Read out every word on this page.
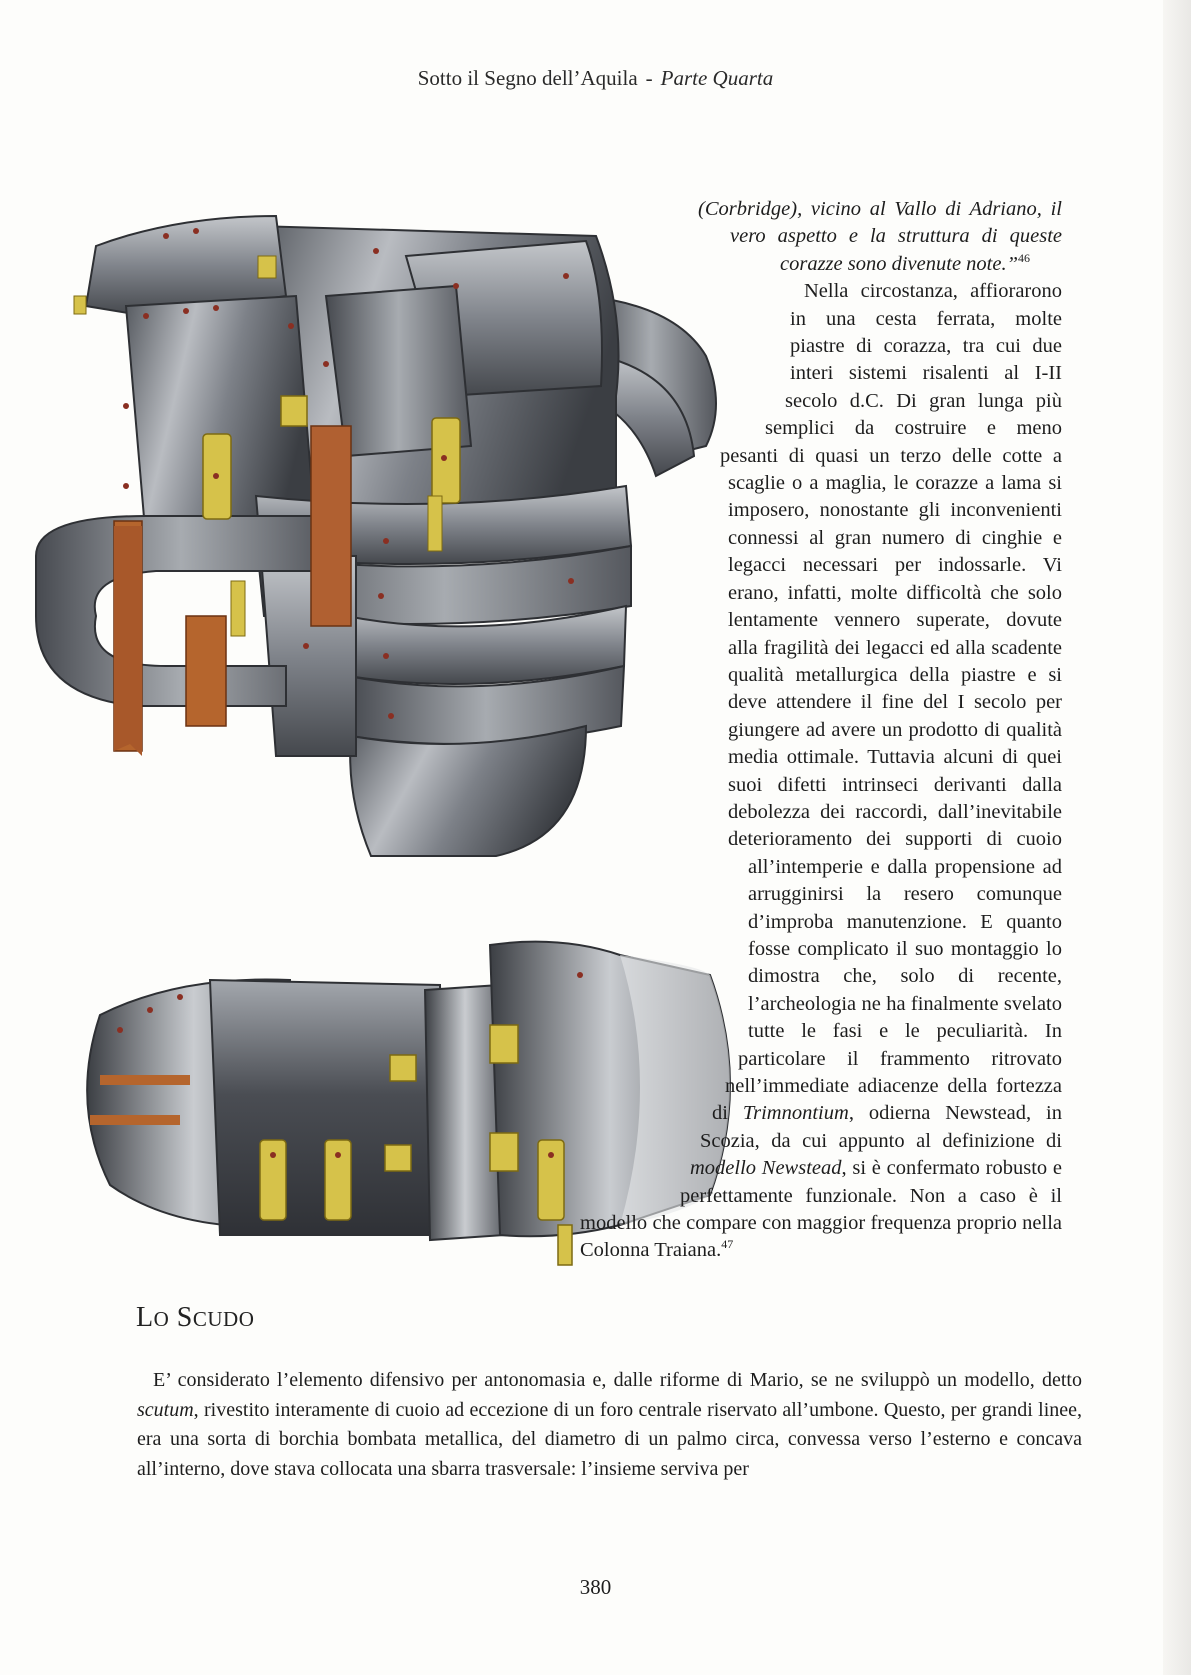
Sotto il Segno dell’Aquila - Parte Quarta

(Corbridge), vicino al Vallo di Adriano, il vero aspetto e la struttura di queste corazze sono divenute note.”$^{46}$

Nella circostanza, affiorarono in una cesta ferrata, molte piastre di corazza, tra cui due interi sistemi risalenti al I-II secolo d.C. Di gran lunga più semplici da costruire e meno pesanti di quasi un terzo delle cotte a scaglie o a maglia, le corazze a lama si imposero, nonostante gli inconvenienti connessi al gran numero di cinghie e legacci necessari per indossarle. Vi erano, infatti, molte difficoltà che solo lentamente vennero superate, dovute alla fragilità dei legacci ed alla scadente qualità metallurgica della piastre e si deve attendere il fine del I secolo per giungere ad avere un prodotto di qualità media ottimale. Tuttavia alcuni di quei suoi difetti intrinseci derivanti dalla debolezza dei raccordi, dall’inevitabile deterioramento dei supporti di cuoio all’intemperie e dalla propensione ad arrugginirsi la resero comunque d’improba manutenzione. E quanto fosse complicato il suo montaggio lo dimostra che, solo di recente, l’archeologia ne ha finalmente svelato tutte le fasi e le peculiarità. In particolare il frammento ritrovato nell’immediate adiacenze della fortezza di Trimnontium, odierna Newstead, in Scozia, da cui appunto al definizione di modello Newstead, si è confermato robusto e perfettamente funzionale. Non a caso è il modello che compare con maggior frequenza proprio nella Colonna Traiana.$^{47}$

LO SCUDO

E’ considerato l’elemento difensivo per antonomasia e, dalle riforme di Mario, se ne sviluppò un modello, detto scutum, rivestito interamente di cuoio ad eccezione di un foro centrale riservato all’umbone. Questo, per grandi linee, era una sorta di borchia bombata metallica, del diametro di un palmo circa, convessa verso l’esterno e concava all’interno, dove stava collocata una sbarra trasversale: l’insieme serviva per

380
